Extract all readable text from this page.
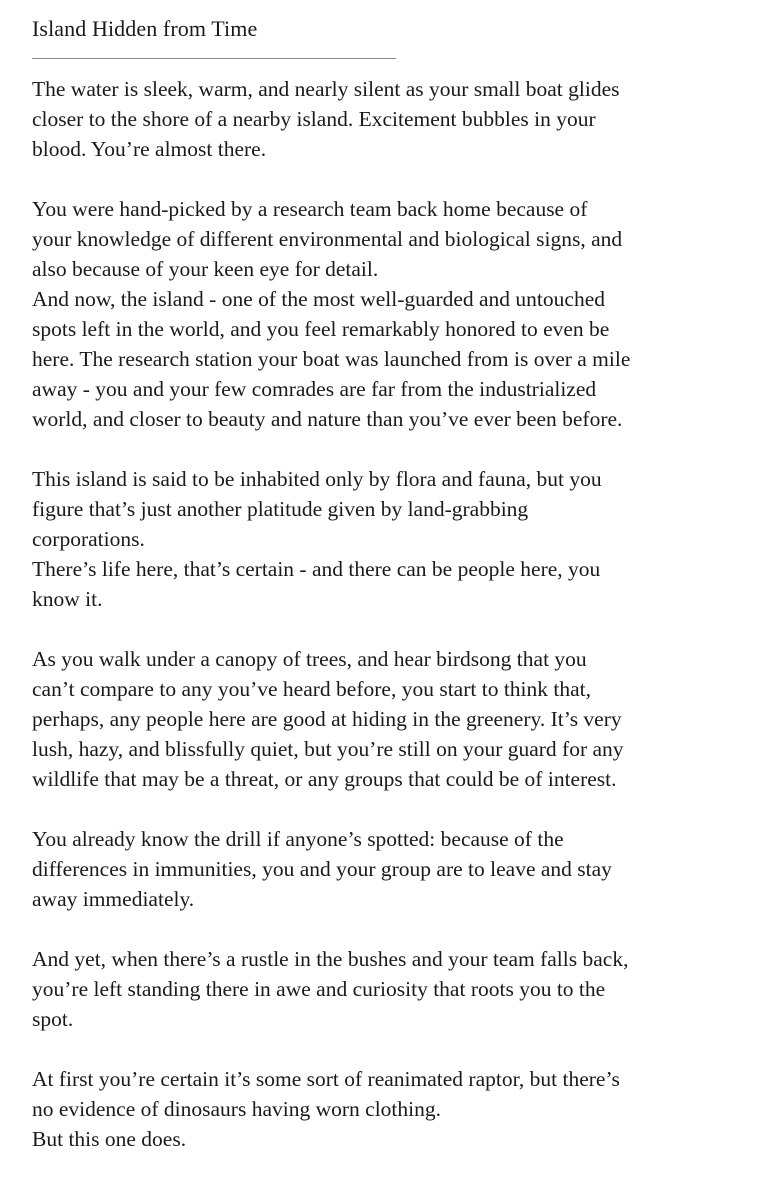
Island Hidden from Time

The water is sleek, warm, and nearly silent as your small boat glides
closer to the shore of a nearby island. Excitement bubbles in your
blood. You’re almost there.

You were hand-picked by a research team back home because of
your knowledge of different environmental and biological signs, and
also because of your keen eye for detail.

And now, the island - one of the most well-guarded and untouched
spots left in the world, and you feel remarkably honored to even be
here. The research station your boat was launched from is over a mile
away - you and your few comrades are far from the industrialized
world, and closer to beauty and nature than you’ve ever been before.

This island is said to be inhabited only by flora and fauna, but you
figure that’s just another platitude given by land-grabbing
corporations.

There’s life here, that’s certain - and there can be people here, you
know it.

As you walk under a canopy of trees, and hear birdsong that you
can’t compare to any you’ve heard before, you start to think that,
perhaps, any people here are good at hiding in the greenery. It’s very
lush, hazy, and blissfully quiet, but you’re still on your guard for any
wildlife that may be a threat, or any groups that could be of interest.

You already know the drill if anyone’s spotted: because of the
differences in immunities, you and your group are to leave and stay
away immediately.

And yet, when there’s a rustle in the bushes and your team falls back,
you’re left standing there in awe and curiosity that roots you to the
spot.

At first you’re certain it’s some sort of reanimated raptor, but there’s
no evidence of dinosaurs having worn clothing.

But this one does.
